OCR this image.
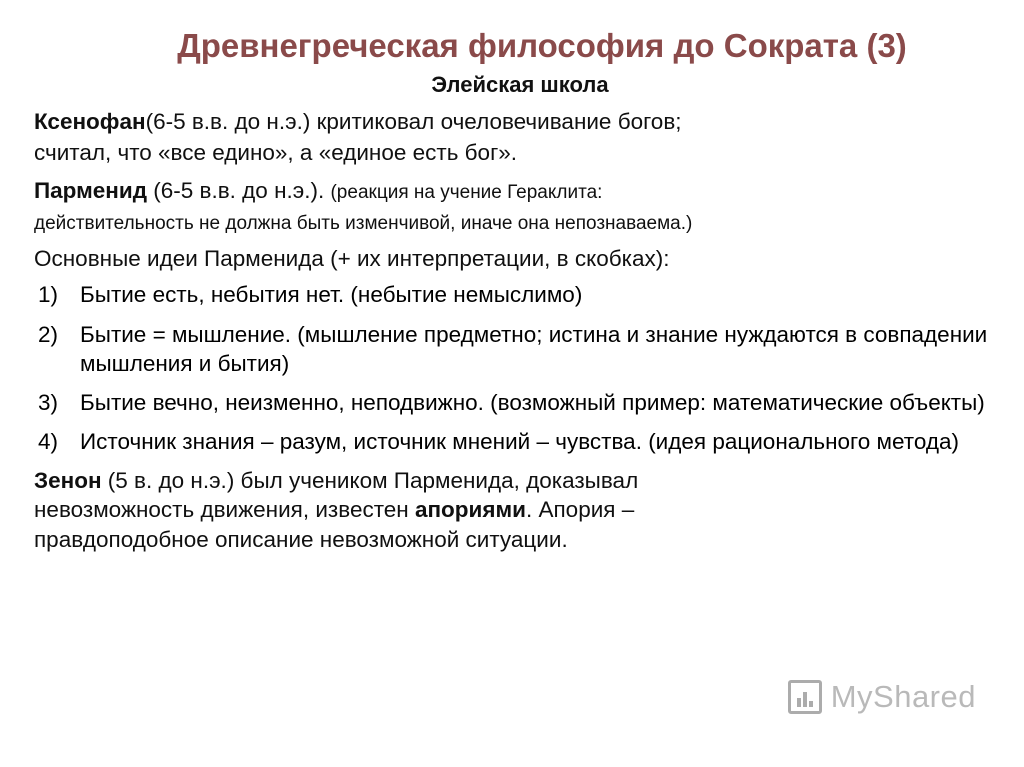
Древнегреческая философия до Сократа (3)
Элейская школа

Ксенофан(6-5 в.в. до н.э.) критиковал очеловечивание богов;

считал, что «все едино», а «единое есть бог».

Парменид (6-5 в.в. до н.э.). (реакция на учение Гераклита:

действительность не должна быть изменчивой, иначе она непознаваема.)

Основные идеи Парменида (+ их интерпретации, в скобках):

1) Бытие есть, небытия нет. (небытие немыслимо)
2) Бытие = мышление. (мышление предметно; истина и знание нуждаются в совпадении мышления и бытия)
3) Бытие вечно, неизменно, неподвижно. (возможный пример: математические объекты)
4) Источник знания – разум, источник мнений – чувства. (идея рационального метода)

Зенон (5 в. до н.э.) был учеником Парменида, доказывал

невозможность движения, известен апориями. Апория –

правдоподобное описание невозможной ситуации.

MyShared
